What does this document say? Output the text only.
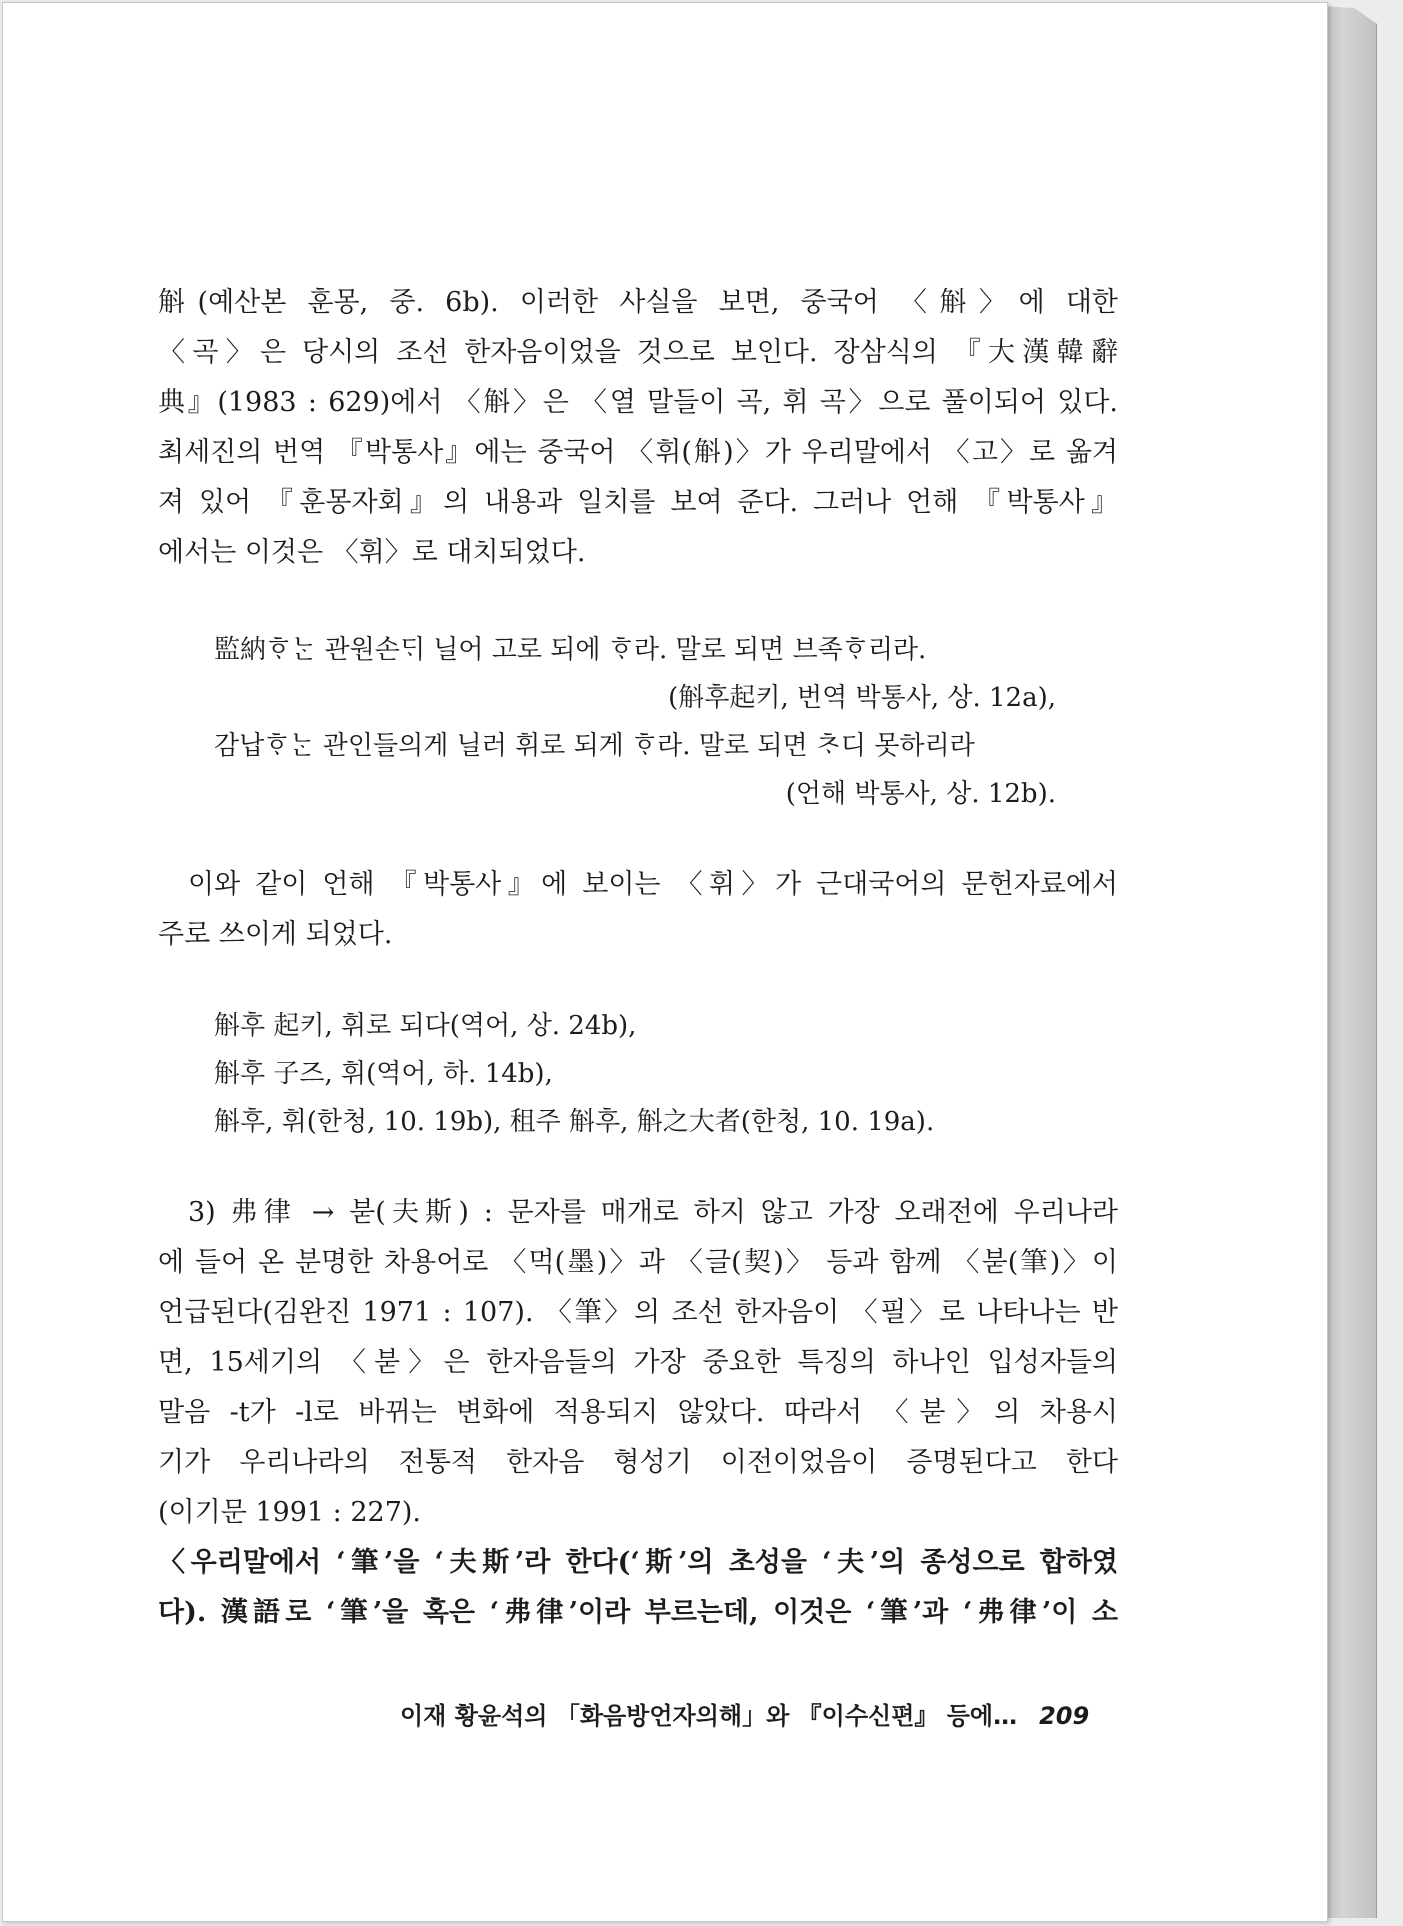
斛(예산본 훈몽, 중. 6b). 이러한 사실을 보면, 중국어 〈斛〉에 대한
〈곡〉은 당시의 조선 한자음이었을 것으로 보인다. 장삼식의 『大漢韓辭
典』(1983 : 629)에서 〈斛〉은 〈열 말들이 곡, 휘 곡〉으로 풀이되어 있다.
최세진의 번역 『박통사』에는 중국어 〈휘(斛)〉가 우리말에서 〈고〉로 옮겨
져 있어 『훈몽자회』의 내용과 일치를 보여 준다. 그러나 언해 『박통사』
에서는 이것은 〈휘〉로 대치되었다.

監納ᄒᆞᄂᆞᆫ 관원손ᄃᆡ 닐어 고로 되에 ᄒᆞ라. 말로 되면 브족ᄒᆞ리라.
(斛후起키, 번역 박통사, 상. 12a),
감납ᄒᆞᄂᆞᆫ 관인들의게 닐러 휘로 되게 ᄒᆞ라. 말로 되면 ᄎᆞ디 못하리라
(언해 박통사, 상. 12b).

이와 같이 언해 『박통사』에 보이는 〈휘〉가 근대국어의 문헌자료에서
주로 쓰이게 되었다.

斛후 起키, 휘로 되다(역어, 상. 24b),
斛후 子즈, 휘(역어, 하. 14b),
斛후, 휘(한청, 10. 19b), 租주 斛후, 斛之大者(한청, 10. 19a).

3) 弗律 → 붇(夫斯) : 문자를 매개로 하지 않고 가장 오래전에 우리나라
에 들어 온 분명한 차용어로 〈먹(墨)〉과 〈글(契)〉 등과 함께 〈붇(筆)〉이
언급된다(김완진 1971 : 107). 〈筆〉의 조선 한자음이 〈필〉로 나타나는 반
면, 15세기의 〈붇〉은 한자음들의 가장 중요한 특징의 하나인 입성자들의
말음 -t가 -l로 바뀌는 변화에 적용되지 않았다. 따라서 〈붇〉의 차용시
기가 우리나라의 전통적 한자음 형성기 이전이었음이 증명된다고 한다
(이기문 1991 : 227).

〈우리말에서 ‘筆’을 ‘夫斯’라 한다(‘斯’의 초성을 ‘夫’의 종성으로 합하였
다). 漢語로 ‘筆’을 혹은 ‘弗律’이라 부르는데, 이것은 ‘筆’과 ‘弗律’이 소

이재 황윤석의 「화음방언자의해」와 『이수신편』 등에… 209
